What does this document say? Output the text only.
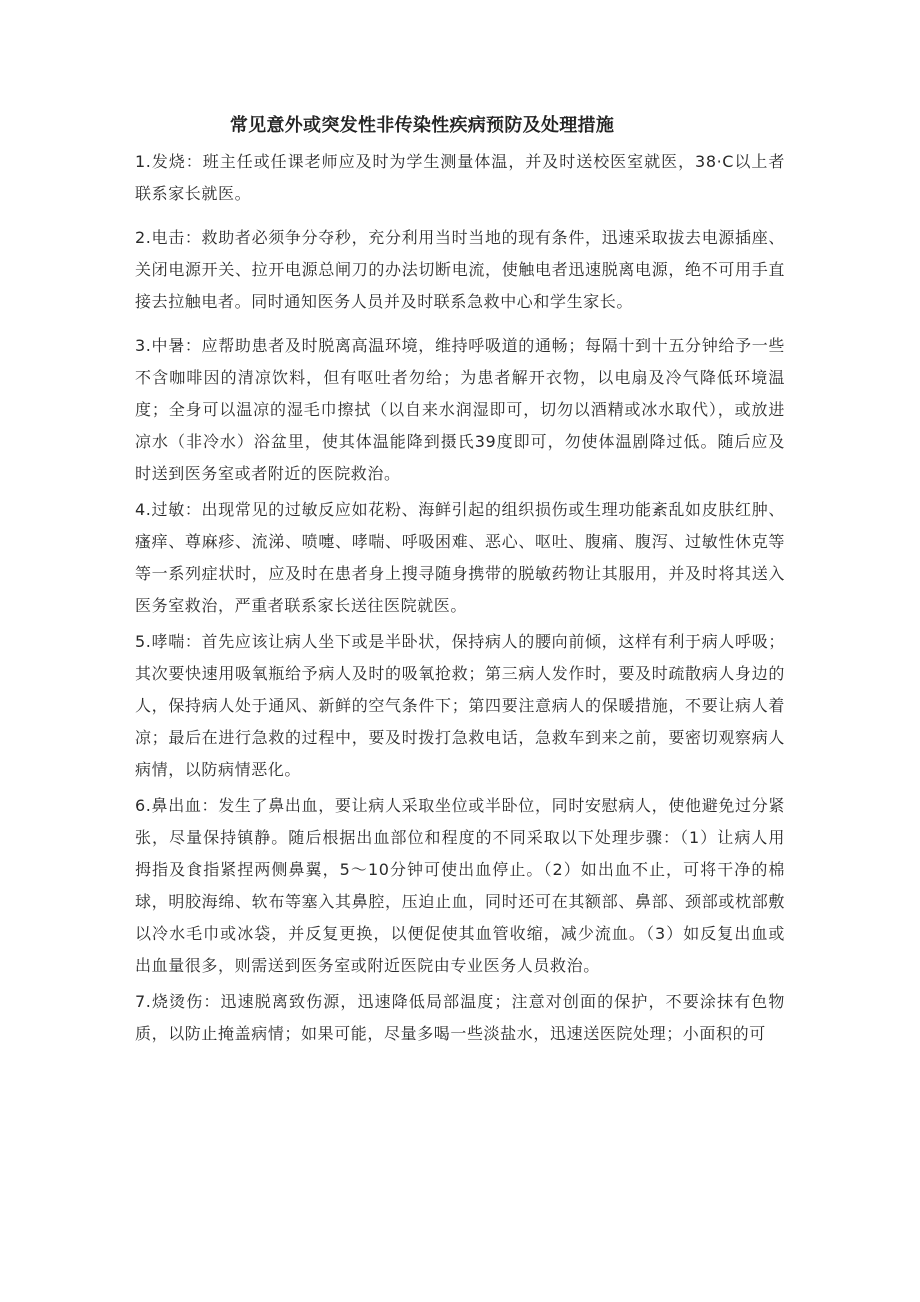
常见意外或突发性非传染性疾病预防及处理措施

1.发烧：班主任或任课老师应及时为学生测量体温，并及时送校医室就医，38·C以上者联系家长就医。

2.电击：救助者必须争分夺秒，充分利用当时当地的现有条件，迅速采取拔去电源插座、关闭电源开关、拉开电源总闸刀的办法切断电流，使触电者迅速脱离电源，绝不可用手直接去拉触电者。同时通知医务人员并及时联系急救中心和学生家长。

3.中暑：应帮助患者及时脱离高温环境，维持呼吸道的通畅；每隔十到十五分钟给予一些不含咖啡因的清凉饮料，但有呕吐者勿给；为患者解开衣物，以电扇及冷气降低环境温度；全身可以温凉的湿毛巾擦拭（以自来水润湿即可，切勿以酒精或冰水取代），或放进凉水（非冷水）浴盆里，使其体温能降到摄氏39度即可，勿使体温剧降过低。随后应及时送到医务室或者附近的医院救治。

4.过敏：出现常见的过敏反应如花粉、海鲜引起的组织损伤或生理功能紊乱如皮肤红肿、瘙痒、尊麻疹、流涕、喷嚏、哮喘、呼吸困难、恶心、呕吐、腹痛、腹泻、过敏性休克等等一系列症状时，应及时在患者身上搜寻随身携带的脱敏药物让其服用，并及时将其送入医务室救治，严重者联系家长送往医院就医。

5.哮喘：首先应该让病人坐下或是半卧状，保持病人的腰向前倾，这样有利于病人呼吸；其次要快速用吸氧瓶给予病人及时的吸氧抢救；第三病人发作时，要及时疏散病人身边的人，保持病人处于通风、新鲜的空气条件下；第四要注意病人的保暖措施，不要让病人着凉；最后在进行急救的过程中，要及时拨打急救电话，急救车到来之前，要密切观察病人病情，以防病情恶化。

6.鼻出血：发生了鼻出血，要让病人采取坐位或半卧位，同时安慰病人，使他避免过分紧张，尽量保持镇静。随后根据出血部位和程度的不同采取以下处理步骤：（1）让病人用拇指及食指紧捏两侧鼻翼，5～10分钟可使出血停止。（2）如出血不止，可将干净的棉球，明胶海绵、软布等塞入其鼻腔，压迫止血，同时还可在其额部、鼻部、颈部或枕部敷以冷水毛巾或冰袋，并反复更换，以便促使其血管收缩，减少流血。（3）如反复出血或出血量很多，则需送到医务室或附近医院由专业医务人员救治。

7.烧烫伤：迅速脱离致伤源，迅速降低局部温度；注意对创面的保护，不要涂抹有色物质，以防止掩盖病情；如果可能，尽量多喝一些淡盐水，迅速送医院处理；小面积的可
